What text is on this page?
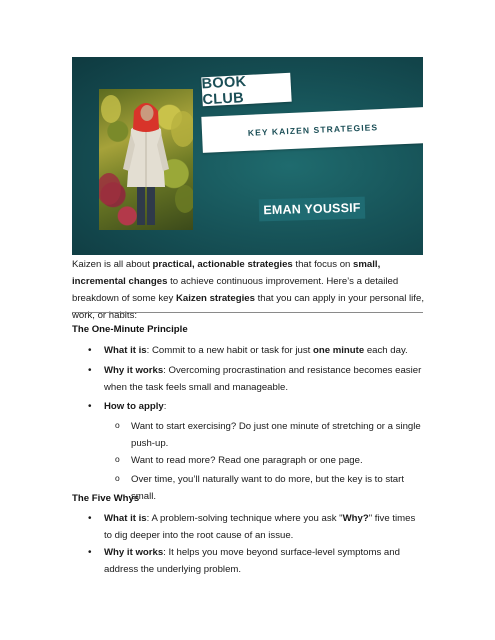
BOOK CLUB
KEY KAIZEN STRATEGIES
EMAN YOUSSIF
Kaizen is all about practical, actionable strategies that focus on small, incremental changes to achieve continuous improvement. Here’s a detailed breakdown of some key Kaizen strategies that you can apply in your personal life, work, or habits:
The One-Minute Principle
• What it is: Commit to a new habit or task for just one minute each day.
• Why it works: Overcoming procrastination and resistance becomes easier when the task feels small and manageable.
• How to apply:
o Want to start exercising? Do just one minute of stretching or a single push-up.
o Want to read more? Read one paragraph or one page.
o Over time, you’ll naturally want to do more, but the key is to start small.
The Five Whys
• What it is: A problem-solving technique where you ask "Why?" five times to dig deeper into the root cause of an issue.
• Why it works: It helps you move beyond surface-level symptoms and address the underlying problem.
